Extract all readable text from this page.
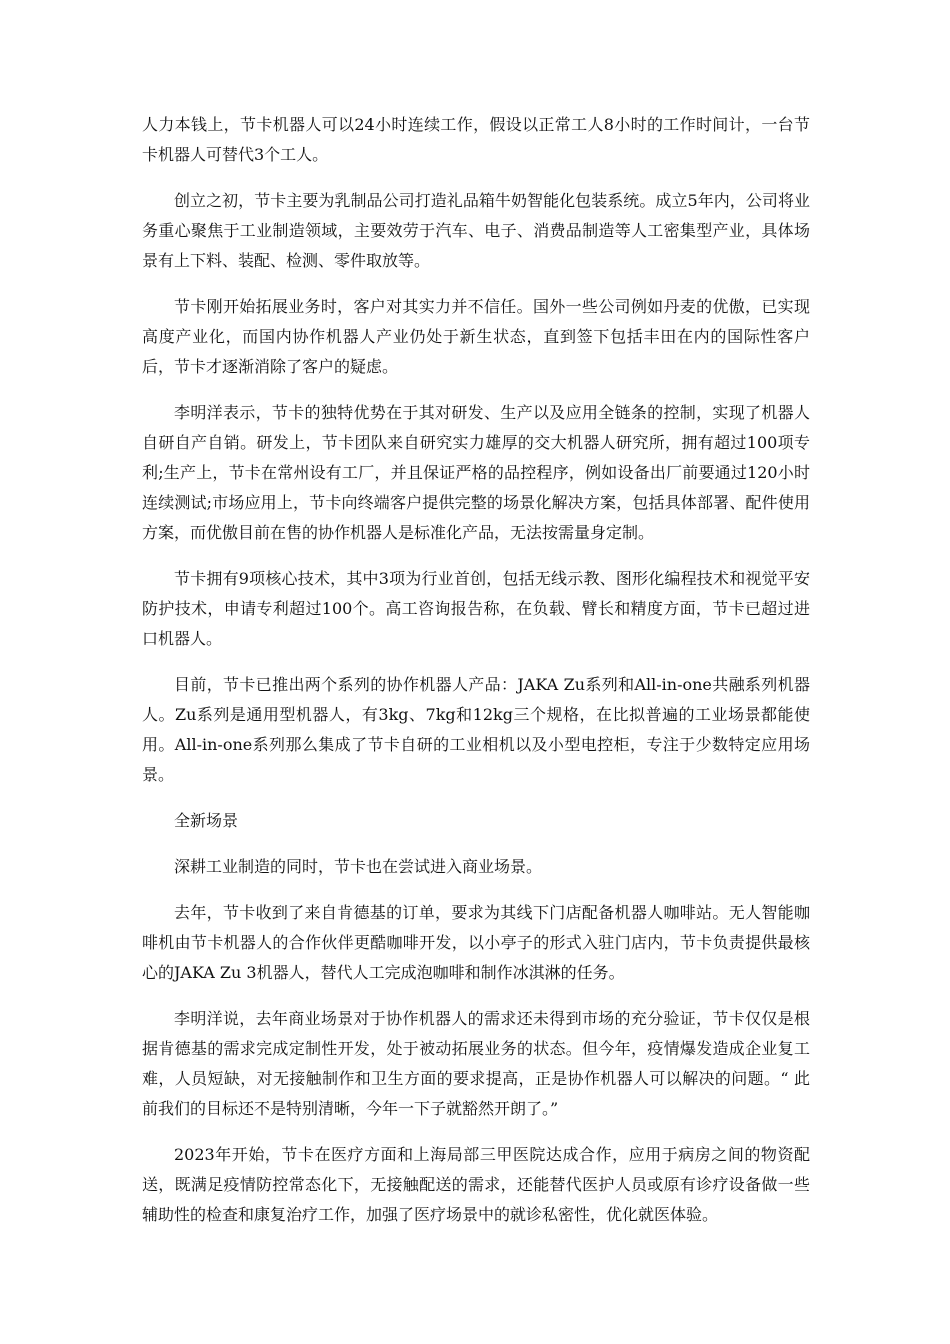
人力本钱上，节卡机器人可以24小时连续工作，假设以正常工人8小时的工作时间计，一台节卡机器人可替代3个工人。

创立之初，节卡主要为乳制品公司打造礼品箱牛奶智能化包装系统。成立5年内，公司将业务重心聚焦于工业制造领域，主要效劳于汽车、电子、消费品制造等人工密集型产业，具体场景有上下料、装配、检测、零件取放等。

节卡刚开始拓展业务时，客户对其实力并不信任。国外一些公司例如丹麦的优傲，已实现高度产业化，而国内协作机器人产业仍处于新生状态，直到签下包括丰田在内的国际性客户后，节卡才逐渐消除了客户的疑虑。

李明洋表示，节卡的独特优势在于其对研发、生产以及应用全链条的控制，实现了机器人自研自产自销。研发上，节卡团队来自研究实力雄厚的交大机器人研究所，拥有超过100项专利;生产上，节卡在常州设有工厂，并且保证严格的品控程序，例如设备出厂前要通过120小时连续测试;市场应用上，节卡向终端客户提供完整的场景化解决方案，包括具体部署、配件使用方案，而优傲目前在售的协作机器人是标准化产品，无法按需量身定制。

节卡拥有9项核心技术，其中3项为行业首创，包括无线示教、图形化编程技术和视觉平安防护技术，申请专利超过100个。高工咨询报告称，在负载、臂长和精度方面，节卡已超过进口机器人。

目前，节卡已推出两个系列的协作机器人产品：JAKA Zu系列和All-in-one共融系列机器人。Zu系列是通用型机器人，有3kg、7kg和12kg三个规格，在比拟普遍的工业场景都能使用。All-in-one系列那么集成了节卡自研的工业相机以及小型电控柜，专注于少数特定应用场景。

全新场景

深耕工业制造的同时，节卡也在尝试进入商业场景。

去年，节卡收到了来自肯德基的订单，要求为其线下门店配备机器人咖啡站。无人智能咖啡机由节卡机器人的合作伙伴更酷咖啡开发，以小亭子的形式入驻门店内，节卡负责提供最核心的JAKA Zu 3机器人，替代人工完成泡咖啡和制作冰淇淋的任务。

李明洋说，去年商业场景对于协作机器人的需求还未得到市场的充分验证，节卡仅仅是根据肯德基的需求完成定制性开发，处于被动拓展业务的状态。但今年，疫情爆发造成企业复工难，人员短缺，对无接触制作和卫生方面的要求提高，正是协作机器人可以解决的问题。“ 此前我们的目标还不是特别清晰，今年一下子就豁然开朗了。”

2023年开始，节卡在医疗方面和上海局部三甲医院达成合作，应用于病房之间的物资配送，既满足疫情防控常态化下，无接触配送的需求，还能替代医护人员或原有诊疗设备做一些辅助性的检查和康复治疗工作，加强了医疗场景中的就诊私密性，优化就医体验。
